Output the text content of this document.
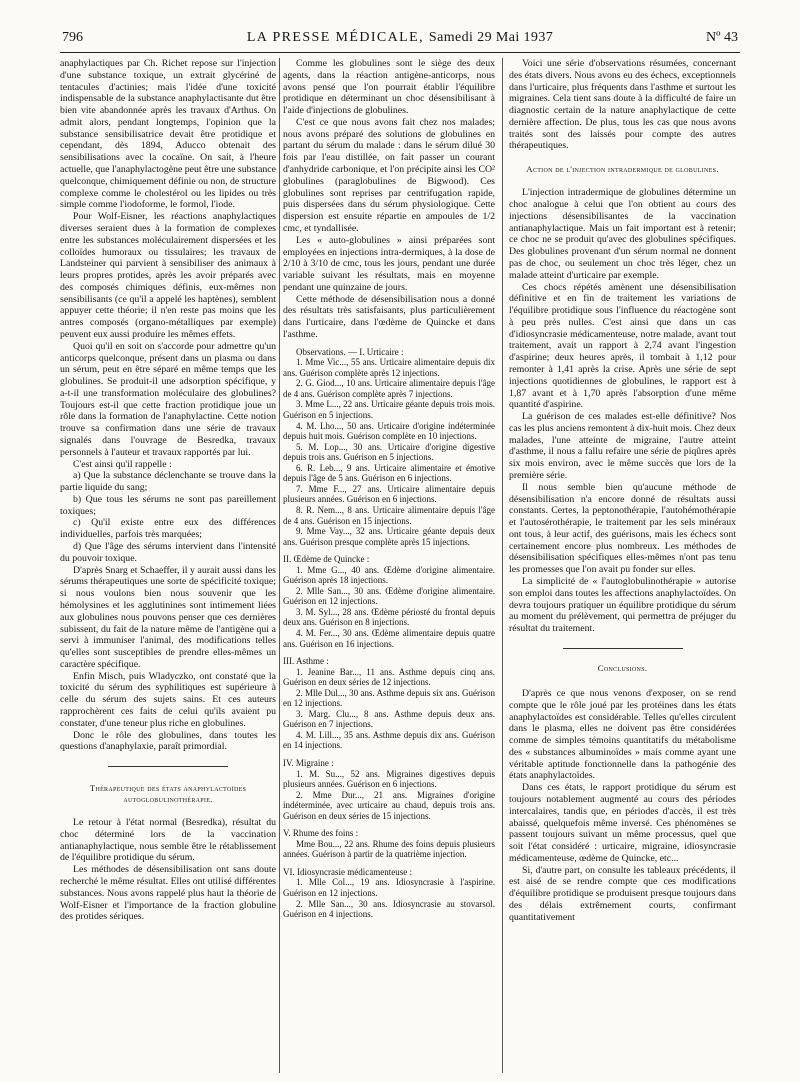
796	LA PRESSE MÉDICALE, Samedi 29 Mai 1937	Nº 43

anaphylactiques par Ch. Richet repose sur l'injection d'une substance toxique, un extrait glycériné de tentacules d'actinies; mais l'idée d'une toxicité indispensable de la substance anaphylactisante dut être bien vite abandonnée après les travaux d'Arthus. On admit alors, pendant longtemps, l'opinion que la substance sensibilisatrice devait être protidique et cependant, dès 1894, Aducco obtenait des sensibilisations avec la cocaïne. On sait, à l'heure actuelle, que l'anaphylactogène peut être une substance quelconque, chimiquement définie ou non, de structure complexe comme le cholestérol ou les lipides ou très simple comme l'iodoforme, le formol, l'iode.

Pour Wolf-Eisner, les réactions anaphylactiques diverses seraient dues à la formation de complexes entre les substances moléculairement dispersées et les colloïdes humoraux ou tissulaires; les travaux de Landsteiner qui parvient à sensibiliser des animaux à leurs propres protides, après les avoir préparés avec des composés chimiques définis, eux-mêmes non sensibilisants (ce qu'il a appelé les haptènes), semblent appuyer cette théorie; il n'en reste pas moins que les antres composés (organo-métalliques par exemple) peuvent eux aussi produire les mêmes effets.

Quoi qu'il en soit on s'accorde pour admettre qu'un anticorps quelconque, présent dans un plasma ou dans un sérum, peut en être séparé en même temps que les globulines. Se produit-il une adsorption spécifique, y a-t-il une transformation moléculaire des globulines? Toujours est-il que cette fraction protidique joue un rôle dans la formation de l'anaphylactine. Cette notion trouve sa confirmation dans une série de travaux signalés dans l'ouvrage de Besredka, travaux personnels à l'auteur et travaux rapportés par lui.

C'est ainsi qu'il rappelle :

a) Que la substance déclenchante se trouve dans la partie liquide du sang;

b) Que tous les sérums ne sont pas pareillement toxiques;

c) Qu'il existe entre eux des différences individuelles, parfois très marquées;

d) Que l'âge des sérums intervient dans l'intensité du pouvoir toxique.

D'après Snarg et Schaeffer, il y aurait aussi dans les sérums thérapeutiques une sorte de spécificité toxique; si nous voulons bien nous souvenir que les hémolysines et les agglutinines sont intimement liées aux globulines nous pouvons penser que ces dernières subissent, du fait de la nature même de l'antigène qui a servi à immuniser l'animal, des modifications telles qu'elles sont susceptibles de prendre elles-mêmes un caractère spécifique.

Enfin Misch, puis Wladyczko, ont constaté que la toxicité du sérum des syphilitiques est supérieure à celle du sérum des sujets sains. Et ces auteurs rapprochèrent ces faits de celui qu'ils avaient pu constater, d'une teneur plus riche en globulines.

Donc le rôle des globulines, dans toutes les questions d'anaphylaxie, paraît primordial.

Thérapeutique des états anaphylactoïdes autoglobulinothérapie.

Le retour à l'état normal (Besredka), résultat du choc déterminé lors de la vaccination antianaphylactique, nous semble être le rétablissement de l'équilibre protidique du sérum.

Les méthodes de désensibilisation ont sans doute recherché le même résultat. Elles ont utilisé différentes substances. Nous avons rappelé plus haut la théorie de Wolf-Eisner et l'importance de la fraction globuline des protides sériques.

Comme les globulines sont le siège des deux agents, dans la réaction antigène-anticorps, nous avons pensé que l'on pourrait établir l'équilibre protidique en déterminant un choc désensibilisant à l'aide d'injections de globulines.

C'est ce que nous avons fait chez nos malades; nous avons préparé des solutions de globulines en partant du sérum du malade : dans le sérum dilué 30 fois par l'eau distillée, on fait passer un courant d'anhydride carbonique, et l'on précipite ainsi les CO² globulines (paraglobulines de Bigwood). Ces globulines sont reprises par centrifugation rapide, puis dispersées dans du sérum physiologique. Cette dispersion est ensuite répartie en ampoules de 1/2 cmc, et tyndallisée.

Les « auto-globulines » ainsi préparées sont employées en injections intra-dermiques, à la dose de 2/10 à 3/10 de cmc, tous les jours, pendant une durée variable suivant les résultats, mais en moyenne pendant une quinzaine de jours.

Cette méthode de désensibilisation nous a donné des résultats très satisfaisants, plus particulièrement dans l'urticaire, dans l'œdème de Quincke et dans l'asthme.

Observations. — I. Urticaire :

1. Mme Vic..., 55 ans. Urticaire alimentaire depuis dix ans. Guérison complète après 12 injections.

2. G. Giod..., 10 ans. Urticaire alimentaire depuis l'âge de 4 ans. Guérison complète après 7 injections.

3. Mme L..., 22 ans. Urticaire géante depuis trois mois. Guérison en 5 injections.

4. M. Lho..., 50 ans. Urticaire d'origine indéterminée depuis huit mois. Guérison complète en 10 injections.

5. M. Lop..., 30 ans. Urticaire d'origine digestive depuis trois ans. Guérison en 5 injections.

6. R. Leb..., 9 ans. Urticaire alimentaire et émotive depuis l'âge de 5 ans. Guérison en 6 injections.

7. Mme F..., 27 ans. Urticaire alimentaire depuis plusieurs années. Guérison en 6 injections.

8. R. Nem..., 8 ans. Urticaire alimentaire depuis l'âge de 4 ans. Guérison en 15 injections.

9. Mme Vay..., 32 ans. Urticaire géante depuis deux ans. Guérison presque complète après 15 injections.

II. Œdème de Quincke :

1. Mme G..., 40 ans. Œdème d'origine alimentaire. Guérison après 18 injections.

2. Mlle San..., 30 ans. Œdème d'origine alimentaire. Guérison en 12 injections.

3. M. Syl..., 28 ans. Œdème périosté du frontal depuis deux ans. Guérison en 8 injections.

4. M. Fer..., 30 ans. Œdème alimentaire depuis quatre ans. Guérison en 16 injections.

III. Asthme :

1. Jeanine Bar..., 11 ans. Asthme depuis cinq ans. Guérison en deux séries de 12 injections.

2. Mlle Dul..., 30 ans. Asthme depuis six ans. Guérison en 12 injections.

3. Marg. Clu..., 8 ans. Asthme depuis deux ans. Guérison en 7 injections.

4. M. Lill..., 35 ans. Asthme depuis dix ans. Guérison en 14 injections.

IV. Migraine :

1. M. Su..., 52 ans. Migraines digestives depuis plusieurs années. Guérison en 6 injections.

2. Mme Dur..., 21 ans. Migraines d'origine indéterminée, avec urticaire au chaud, depuis trois ans. Guérison en deux séries de 15 injections.

V. Rhume des foins :

Mme Bou..., 22 ans. Rhume des foins depuis plusieurs années. Guérison à partir de la quatrième injection.

VI. Idiosyncrasie médicamenteuse :

1. Mlle Col..., 19 ans. Idiosyncrasie à l'aspirine. Guérison en 12 injections.

2. Mlle San..., 30 ans. Idiosyncrasie au stovarsol. Guérison en 4 injections.

Voici une série d'observations résumées, concernant des états divers. Nous avons eu des échecs, exceptionnels dans l'urticaire, plus fréquents dans l'asthme et surtout les migraines. Cela tient sans doute à la difficulté de faire un diagnostic certain de la nature anaphylactique de cette dernière affection. De plus, tous les cas que nous avons traités sont des laissés pour compte des autres thérapeutiques.

Action de l'injection intradermique de globulines.

L'injection intradermique de globulines détermine un choc analogue à celui que l'on obtient au cours des injections désensibilisantes de la vaccination antianaphylactique. Mais un fait important est à retenir; ce choc ne se produit qu'avec des globulines spécifiques. Des globulines provenant d'un sérum normal ne donnent pas de choc, ou seulement un choc très léger, chez un malade atteint d'urticaire par exemple.

Ces chocs répétés amènent une désensibilisation définitive et en fin de traitement les variations de l'équilibre protidique sous l'influence du réactogène sont à peu près nulles. C'est ainsi que dans un cas d'idiosyncrasie médicamenteuse, notre malade, avant tout traitement, avait un rapport à 2,74 avant l'ingestion d'aspirine; deux heures après, il tombait à 1,12 pour remonter à 1,41 après la crise. Après une série de sept injections quotidiennes de globulines, le rapport est à 1,87 avant et à 1,70 après l'absorption d'une même quantité d'aspirine.

La guérison de ces malades est-elle définitive? Nos cas les plus anciens remontent à dix-huit mois. Chez deux malades, l'une atteinte de migraine, l'autre atteint d'asthme, il nous a fallu refaire une série de piqûres après six mois environ, avec le même succès que lors de la première série.

Il nous semble bien qu'aucune méthode de désensibilisation n'a encore donné de résultats aussi constants. Certes, la peptonothérapie, l'autohémothérapie et l'autosérothérapie, le traitement par les sels minéraux ont tous, à leur actif, des guérisons, mais les échecs sont certainement encore plus nombreux. Les méthodes de désensibilisation spécifiques elles-mêmes n'ont pas tenu les promesses que l'on avait pu fonder sur elles.

La simplicité de « l'autoglobulinothérapie » autorise son emploi dans toutes les affections anaphylactoïdes. On devra toujours pratiquer un équilibre protidique du sérum au moment du prélèvement, qui permettra de préjuger du résultat du traitement.

Conclusions.

D'après ce que nous venons d'exposer, on se rend compte que le rôle joué par les protéines dans les états anaphylactoïdes est considérable. Telles qu'elles circulent dans le plasma, elles ne doivent pas être considérées comme de simples témoins quantitatifs du métabolisme des « substances albuminoïdes » mais comme ayant une véritable aptitude fonctionnelle dans la pathogénie des états anaphylactoïdes.

Dans ces états, le rapport protidique du sérum est toujours notablement augmenté au cours des périodes intercalaires, tandis que, en périodes d'accès, il est très abaissé, quelquefois même inversé. Ces phénomènes se passent toujours suivant un même processus, quel que soit l'état considéré : urticaire, migraine, idiosyncrasie médicamenteuse, œdème de Quincke, etc...

Si, d'autre part, on consulte les tableaux précédents, il est aisé de se rendre compte que ces modifications d'équilibre protidique se produisent presque toujours dans des délais extrêmement courts, confirmant quantitativement
